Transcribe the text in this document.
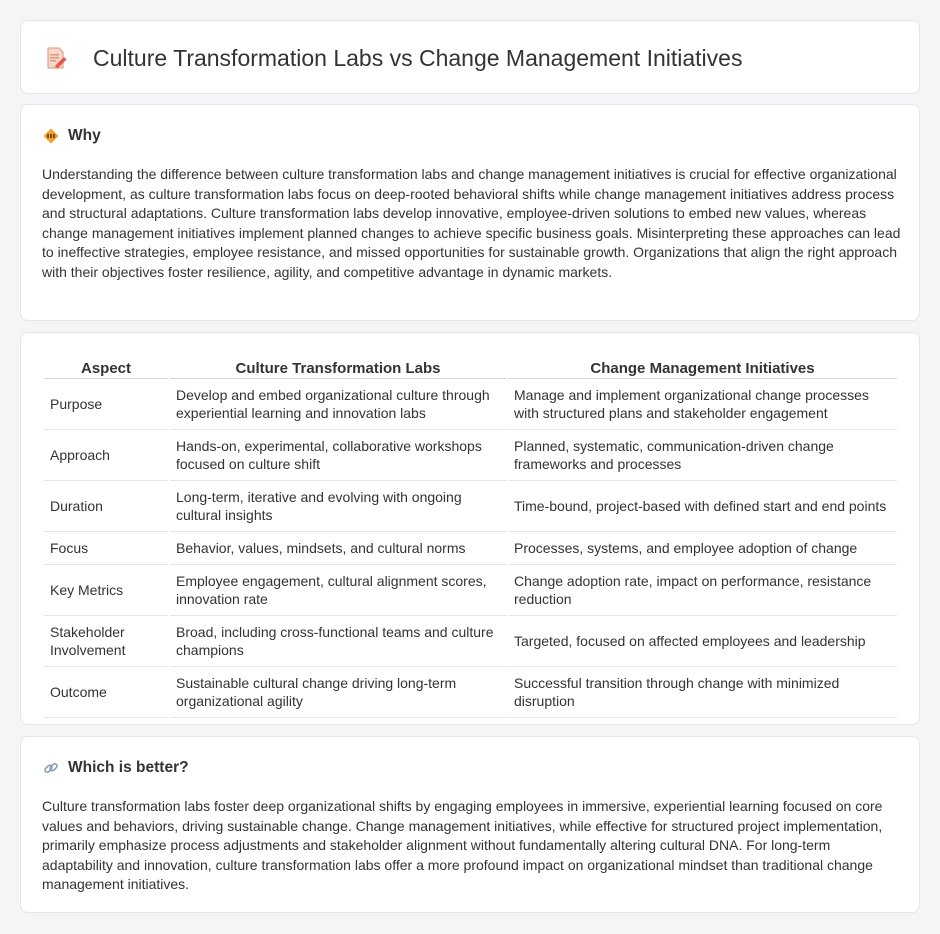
Culture Transformation Labs vs Change Management Initiatives
Why

Understanding the difference between culture transformation labs and change management initiatives is crucial for effective organizational development, as culture transformation labs focus on deep-rooted behavioral shifts while change management initiatives address process and structural adaptations. Culture transformation labs develop innovative, employee-driven solutions to embed new values, whereas change management initiatives implement planned changes to achieve specific business goals. Misinterpreting these approaches can lead to ineffective strategies, employee resistance, and missed opportunities for sustainable growth. Organizations that align the right approach with their objectives foster resilience, agility, and competitive advantage in dynamic markets.

Aspect	Culture Transformation Labs	Change Management Initiatives
Purpose	Develop and embed organizational culture through experiential learning and innovation labs	Manage and implement organizational change processes with structured plans and stakeholder engagement
Approach	Hands-on, experimental, collaborative workshops focused on culture shift	Planned, systematic, communication-driven change frameworks and processes
Duration	Long-term, iterative and evolving with ongoing cultural insights	Time-bound, project-based with defined start and end points
Focus	Behavior, values, mindsets, and cultural norms	Processes, systems, and employee adoption of change
Key Metrics	Employee engagement, cultural alignment scores, innovation rate	Change adoption rate, impact on performance, resistance reduction
Stakeholder Involvement	Broad, including cross-functional teams and culture champions	Targeted, focused on affected employees and leadership
Outcome	Sustainable cultural change driving long-term organizational agility	Successful transition through change with minimized disruption
Which is better?

Culture transformation labs foster deep organizational shifts by engaging employees in immersive, experiential learning focused on core values and behaviors, driving sustainable change. Change management initiatives, while effective for structured project implementation, primarily emphasize process adjustments and stakeholder alignment without fundamentally altering cultural DNA. For long-term adaptability and innovation, culture transformation labs offer a more profound impact on organizational mindset than traditional change management initiatives.
